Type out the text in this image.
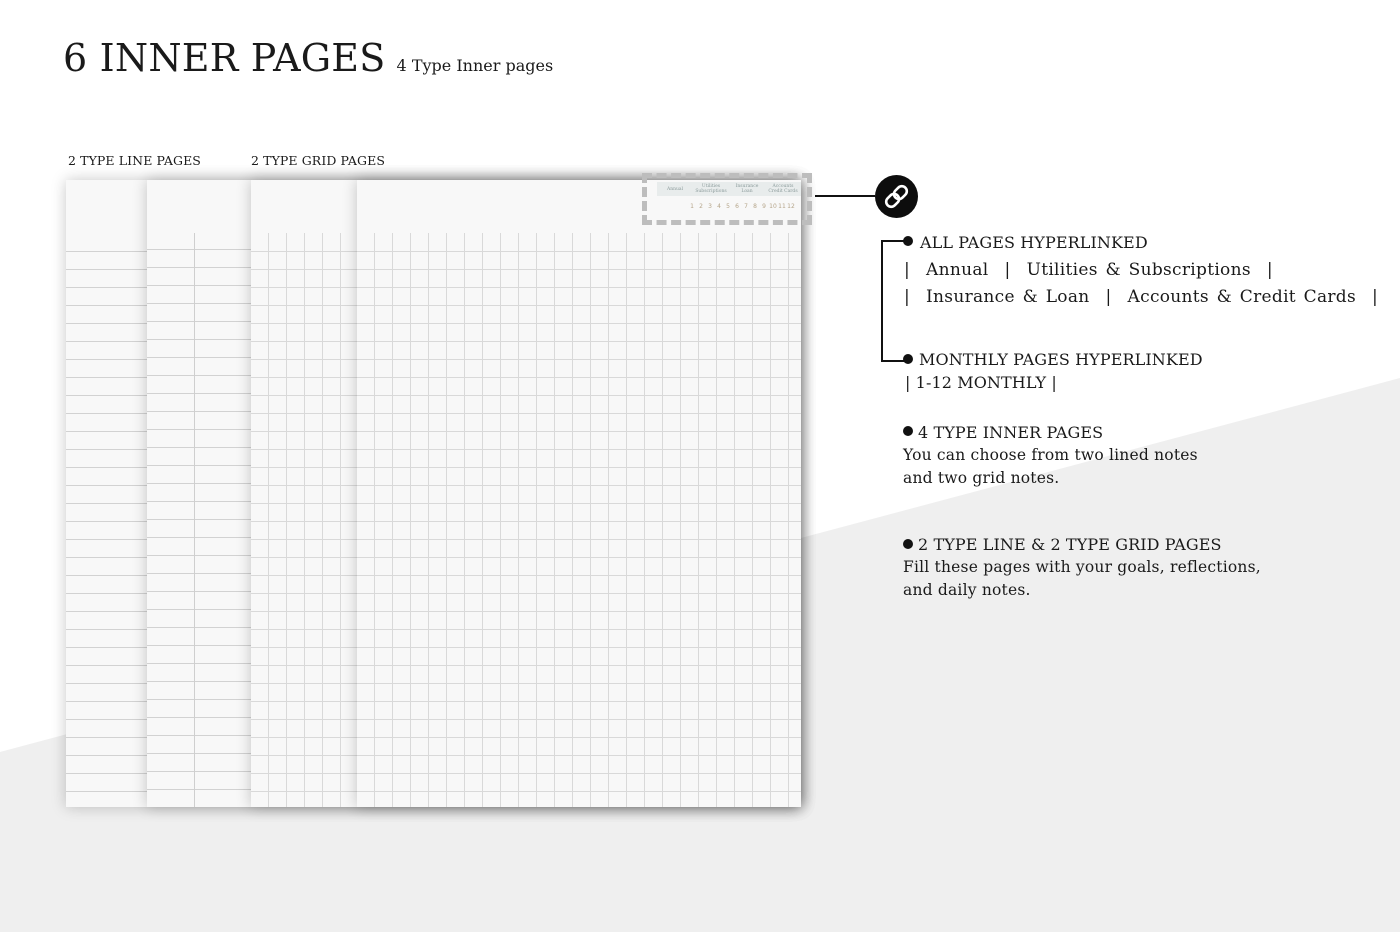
6 INNER PAGES 4 Type Inner pages
2 TYPE LINE PAGES	2 TYPE GRID PAGES
Annual	Utilities Subscriptions
Insurance Loan
Accounts Credit Cards
1 2 3 4 5 6 7 8 9 10 11 12
ALL PAGES HYPERLINKED
| Annual | Utilities & Subscriptions |
| Insurance & Loan | Accounts & Credit Cards |
MONTHLY PAGES HYPERLINKED
| 1-12 MONTHLY |
4 TYPE INNER PAGES
You can choose from two lined notes
and two grid notes.
2 TYPE LINE & 2 TYPE GRID PAGES
Fill these pages with your goals, reflections,
and daily notes.
